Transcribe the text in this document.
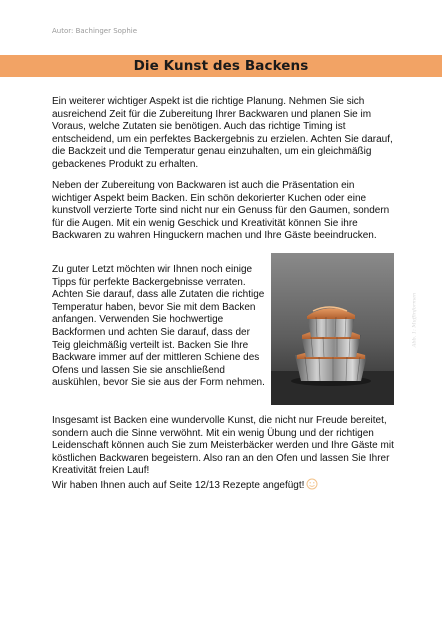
Autor: Bachinger Sophie
Die Kunst des Backens

Ein weiterer wichtiger Aspekt ist die richtige Planung. Nehmen Sie sich ausreichend Zeit für die Zubereitung Ihrer Backwaren und planen Sie im Voraus, welche Zutaten sie benötigen. Auch das richtige Timing ist entscheidend, um ein perfektes Backergebnis zu erzielen. Achten Sie darauf, die Backzeit und die Temperatur genau einzuhalten, um ein gleichmäßig gebackenes Produkt zu erhalten.

Neben der Zubereitung von Backwaren ist auch die Präsentation ein wichtiger Aspekt beim Backen. Ein schön dekorierter Kuchen oder eine kunstvoll verzierte Torte sind nicht nur ein Genuss für den Gaumen, sondern für die Augen. Mit ein wenig Geschick und Kreativität können Sie ihre Backwaren zu wahren Hinguckern machen und Ihre Gäste beeindrucken.

Zu guter Letzt möchten wir Ihnen noch einige Tipps für perfekte Backergebnisse verraten. Achten Sie darauf, dass alle Zutaten die richtige Temperatur haben, bevor Sie mit dem Backen anfangen. Verwenden Sie hochwertige Backformen und achten Sie darauf, dass der Teig gleichmäßig verteilt ist. Backen Sie Ihre Backware immer auf der mittleren Schiene des Ofens und lassen Sie sie anschließend auskühlen, bevor Sie sie aus der Form nehmen.

Abb. 1: Muffinformen

Insgesamt ist Backen eine wundervolle Kunst, die nicht nur Freude bereitet, sondern auch die Sinne verwöhnt. Mit ein wenig Übung und der richtigen Leidenschaft können auch Sie zum Meisterbäcker werden und Ihre Gäste mit köstlichen Backwaren begeistern. Also ran an den Ofen und lassen Sie Ihrer Kreativität freien Lauf!
Wir haben Ihnen auch auf Seite 12/13 Rezepte angefügt!
